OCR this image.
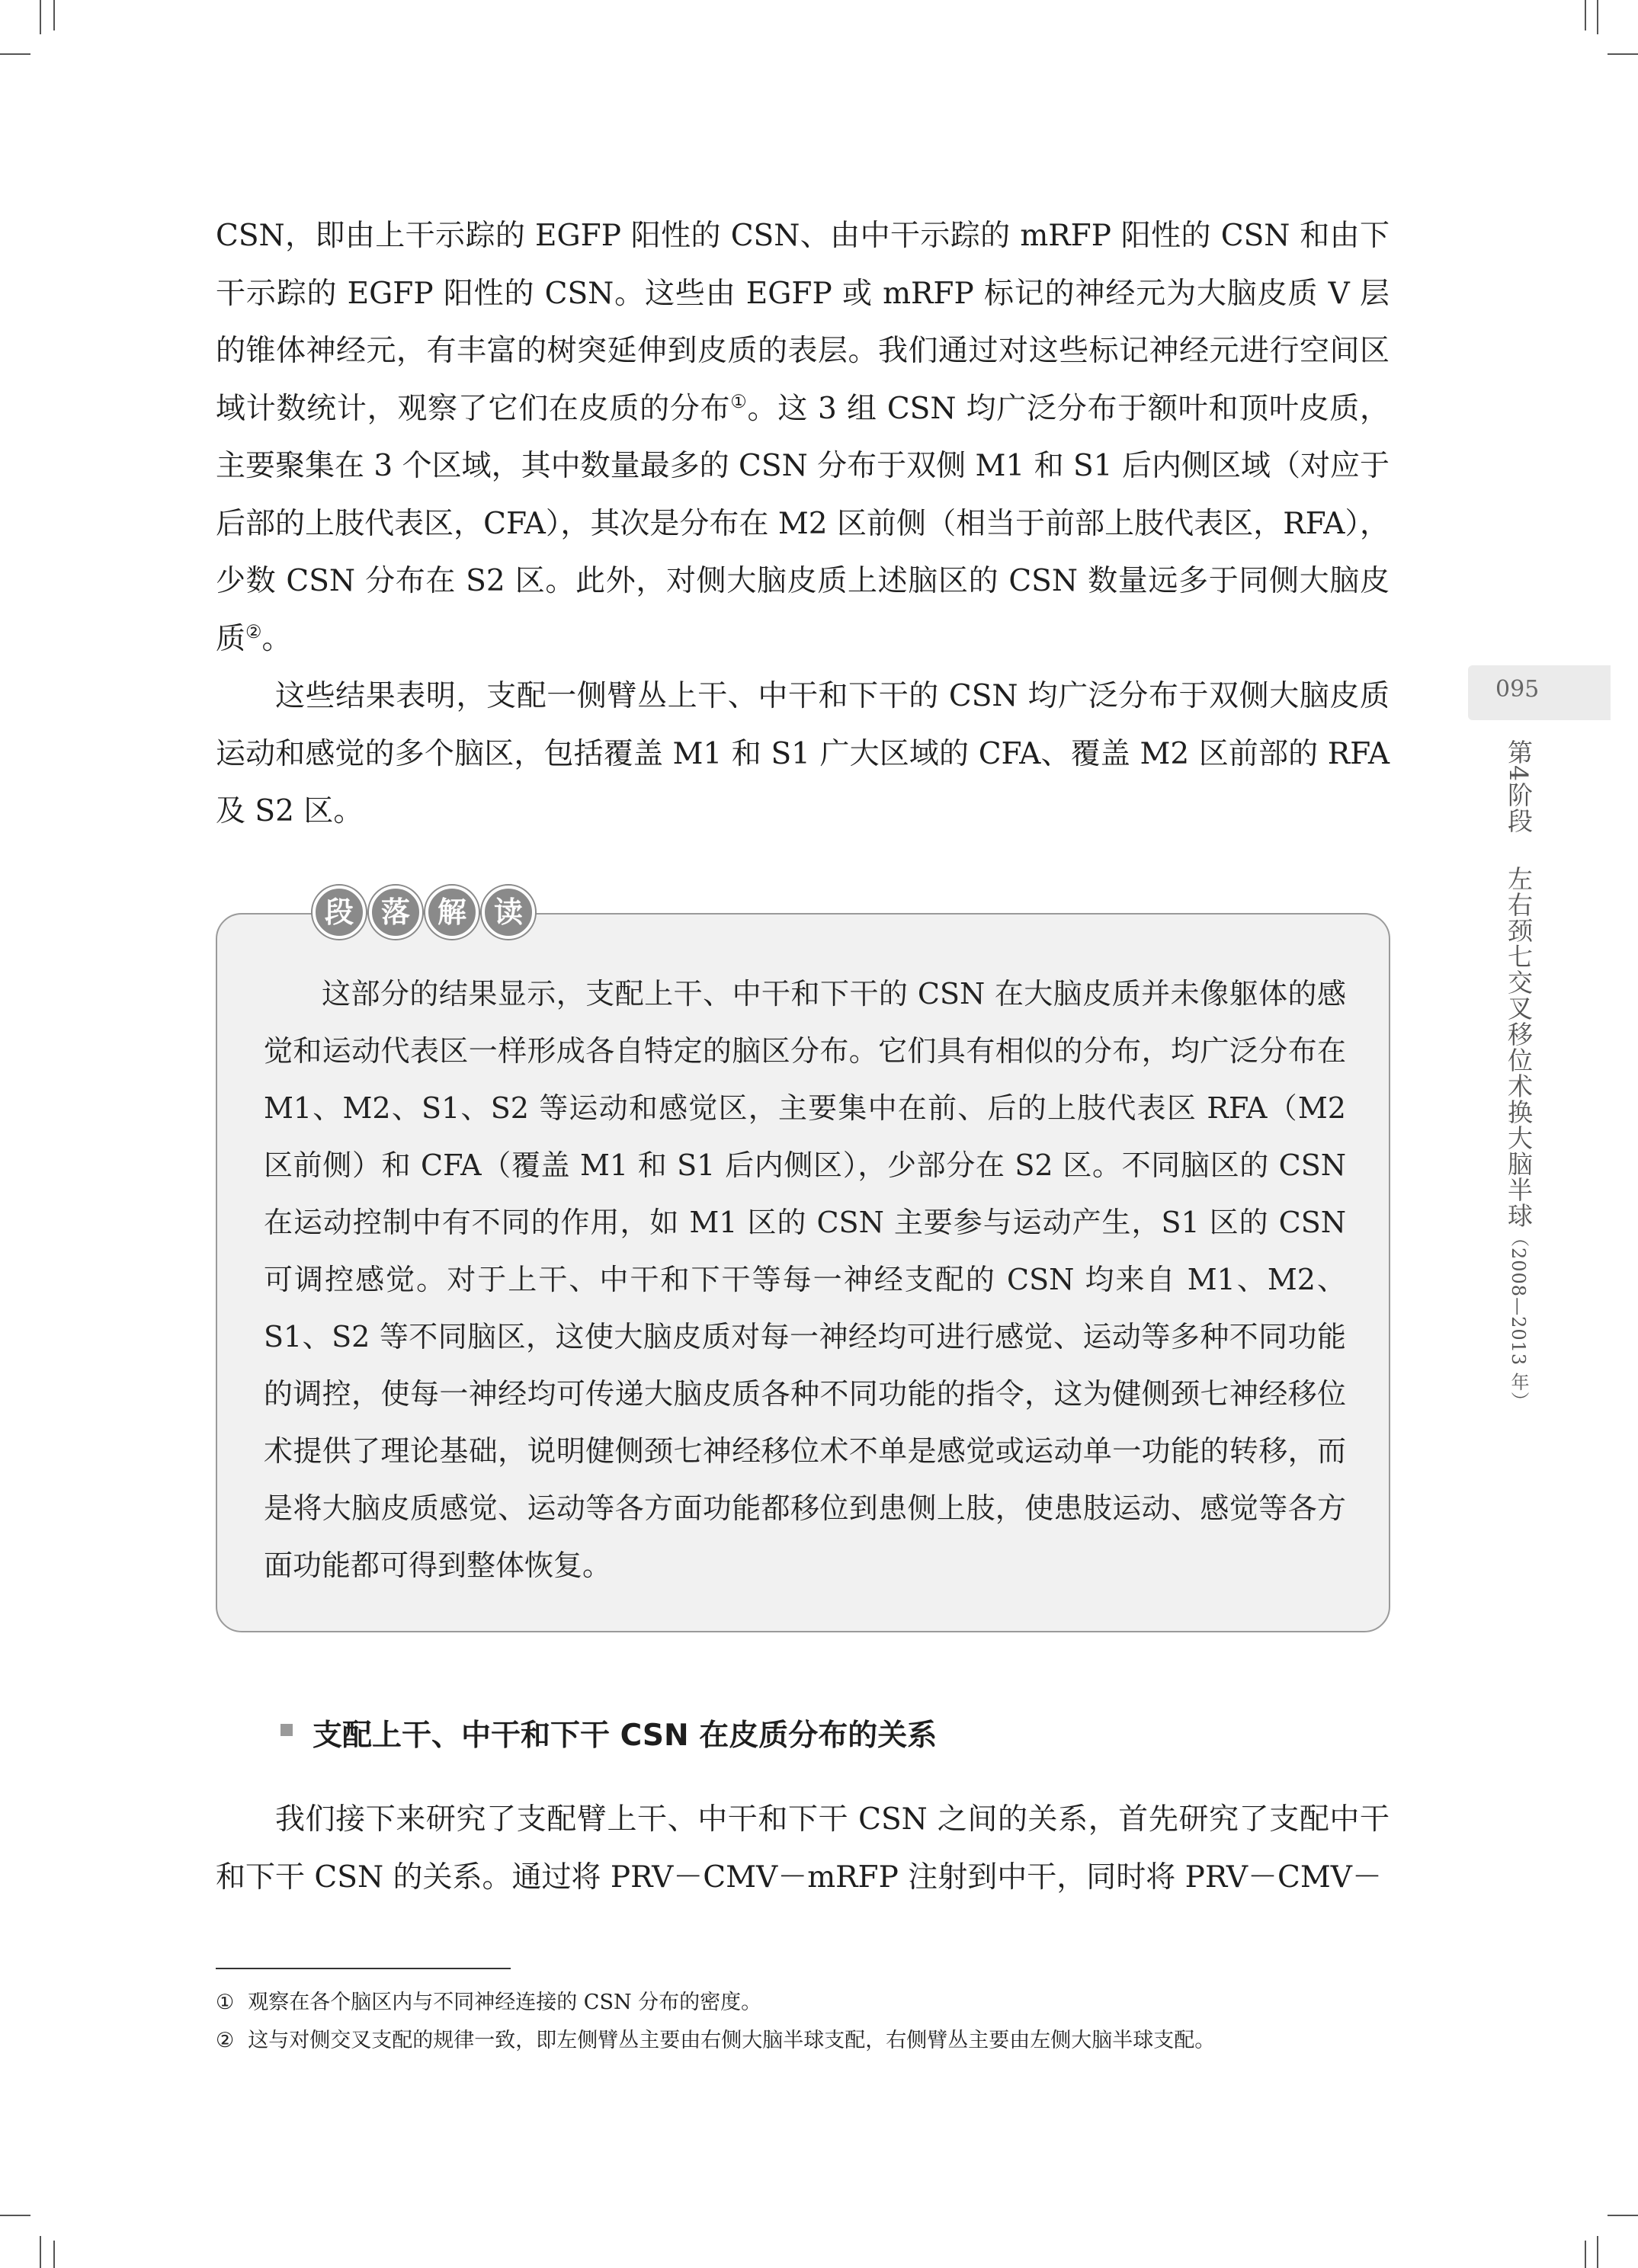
CSN，即由上干示踪的 EGFP 阳性的 CSN、由中干示踪的 mRFP 阳性的 CSN 和由下干示踪的 EGFP 阳性的 CSN。这些由 EGFP 或 mRFP 标记的神经元为大脑皮质 V 层的锥体神经元，有丰富的树突延伸到皮质的表层。我们通过对这些标记神经元进行空间区域计数统计，观察了它们在皮质的分布①。这 3 组 CSN 均广泛分布于额叶和顶叶皮质，主要聚集在 3 个区域，其中数量最多的 CSN 分布于双侧 M1 和 S1 后内侧区域（对应于后部的上肢代表区，CFA），其次是分布在 M2 区前侧（相当于前部上肢代表区，RFA），少数 CSN 分布在 S2 区。此外，对侧大脑皮质上述脑区的 CSN 数量远多于同侧大脑皮质②。

这些结果表明，支配一侧臂丛上干、中干和下干的 CSN 均广泛分布于双侧大脑皮质运动和感觉的多个脑区，包括覆盖 M1 和 S1 广大区域的 CFA、覆盖 M2 区前部的 RFA 及 S2 区。

095
第4阶段左右颈七交叉移位术换大脑半球（2008—2013 年）
段 落 解 读

这部分的结果显示，支配上干、中干和下干的 CSN 在大脑皮质并未像躯体的感觉和运动代表区一样形成各自特定的脑区分布。它们具有相似的分布，均广泛分布在 M1、M2、S1、S2 等运动和感觉区，主要集中在前、后的上肢代表区 RFA（M2 区前侧）和 CFA（覆盖 M1 和 S1 后内侧区），少部分在 S2 区。不同脑区的 CSN 在运动控制中有不同的作用，如 M1 区的 CSN 主要参与运动产生，S1 区的 CSN 可调控感觉。对于上干、中干和下干等每一神经支配的 CSN 均来自 M1、M2、S1、S2 等不同脑区，这使大脑皮质对每一神经均可进行感觉、运动等多种不同功能的调控，使每一神经均可传递大脑皮质各种不同功能的指令，这为健侧颈七神经移位术提供了理论基础，说明健侧颈七神经移位术不单是感觉或运动单一功能的转移，而是将大脑皮质感觉、运动等各方面功能都移位到患侧上肢，使患肢运动、感觉等各方面功能都可得到整体恢复。

支配上干、中干和下干 CSN 在皮质分布的关系

我们接下来研究了支配臂上干、中干和下干 CSN 之间的关系，首先研究了支配中干和下干 CSN 的关系。通过将 PRV－CMV－mRFP 注射到中干，同时将 PRV－CMV－

① 观察在各个脑区内与不同神经连接的 CSN 分布的密度。
② 这与对侧交叉支配的规律一致，即左侧臂丛主要由右侧大脑半球支配，右侧臂丛主要由左侧大脑半球支配。
